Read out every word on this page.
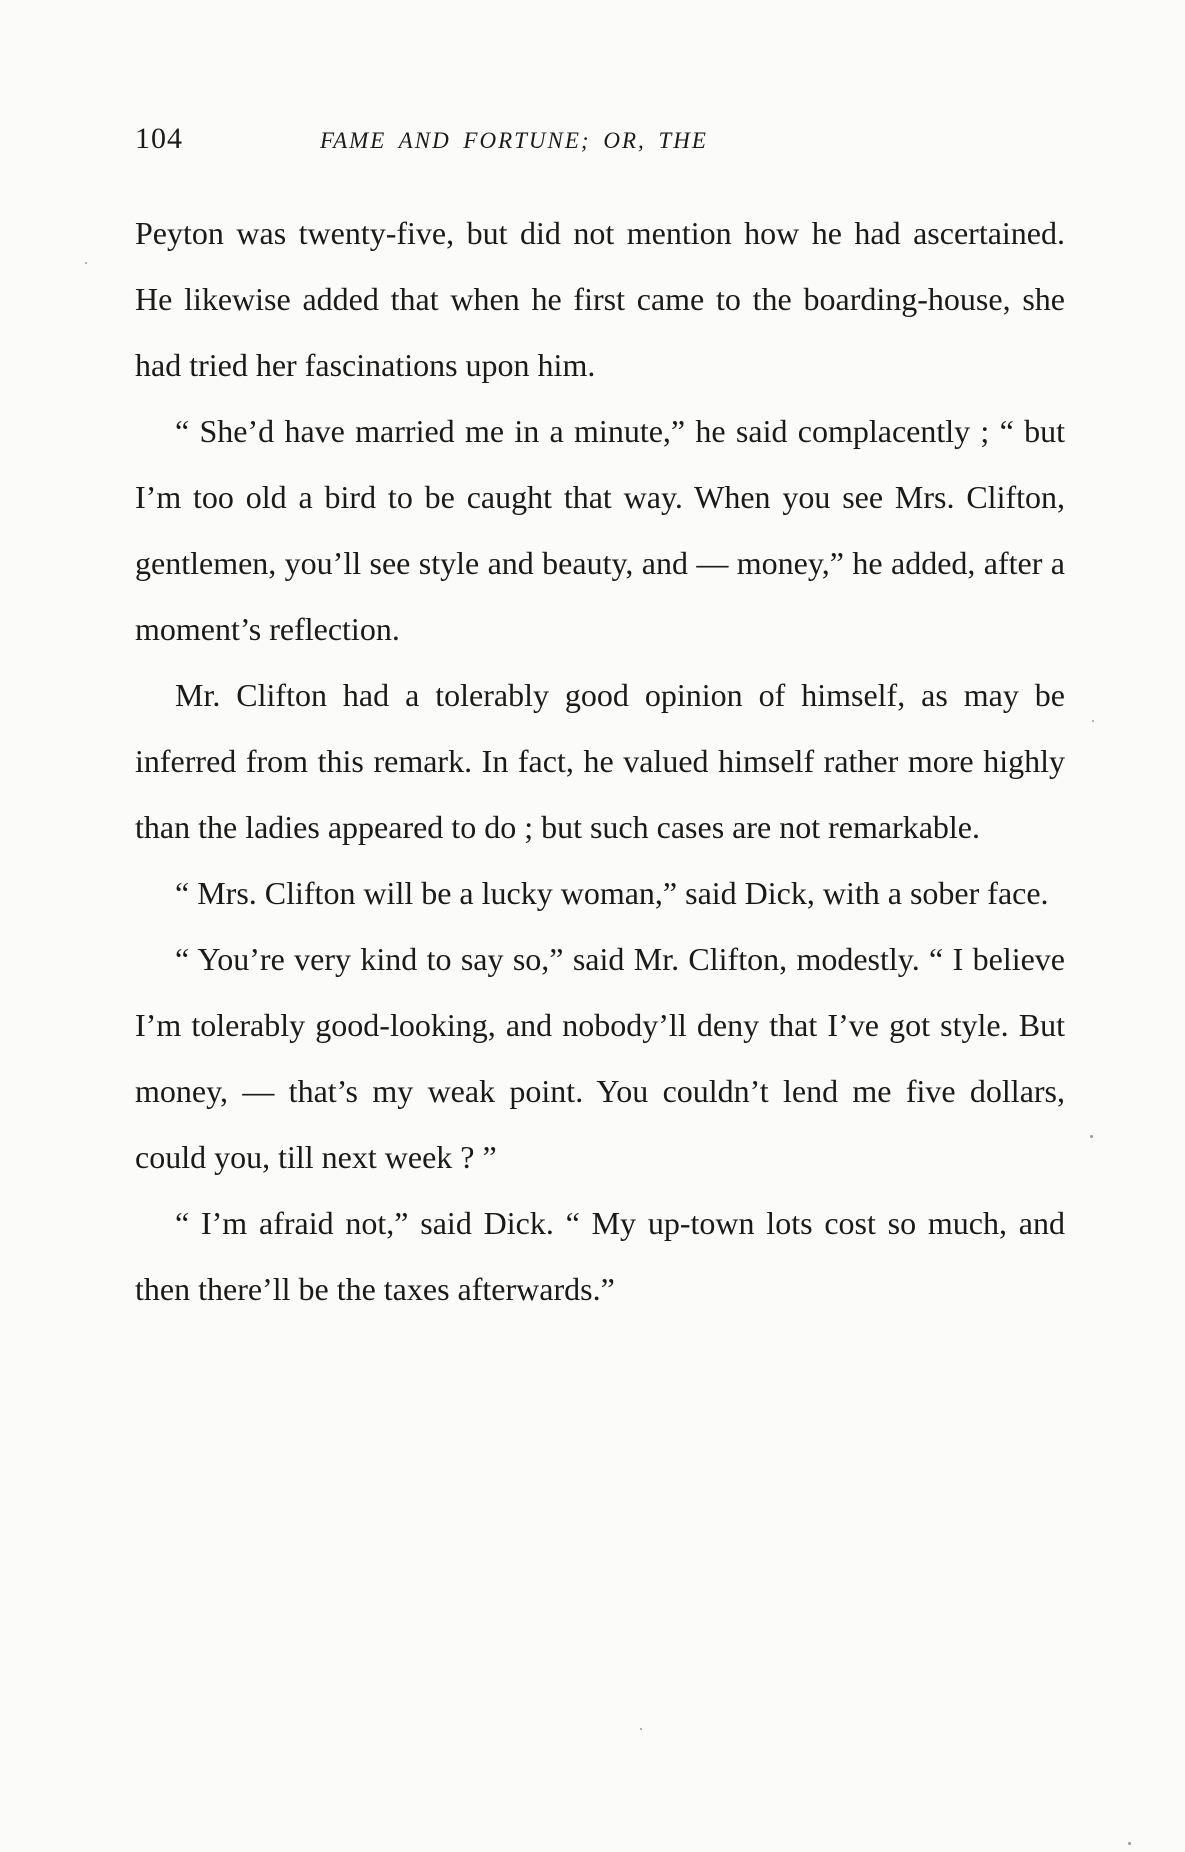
104	FAME AND FORTUNE; OR, THE

Peyton was twenty-five, but did not mention how he had ascertained. He likewise added that when he first came to the boarding-house, she had tried her fascinations upon him.

“ She’d have married me in a minute,” he said complacently ; “ but I’m too old a bird to be caught that way. When you see Mrs. Clifton, gentlemen, you’ll see style and beauty, and — money,” he added, after a moment’s reflection.

Mr. Clifton had a tolerably good opinion of himself, as may be inferred from this remark. In fact, he valued himself rather more highly than the ladies appeared to do ; but such cases are not remarkable.

“ Mrs. Clifton will be a lucky woman,” said Dick, with a sober face.

“ You’re very kind to say so,” said Mr. Clifton, modestly. “ I believe I’m tolerably good-looking, and nobody’ll deny that I’ve got style. But money, — that’s my weak point. You couldn’t lend me five dollars, could you, till next week ? ”

“ I’m afraid not,” said Dick. “ My up-town lots cost so much, and then there’ll be the taxes afterwards.”
